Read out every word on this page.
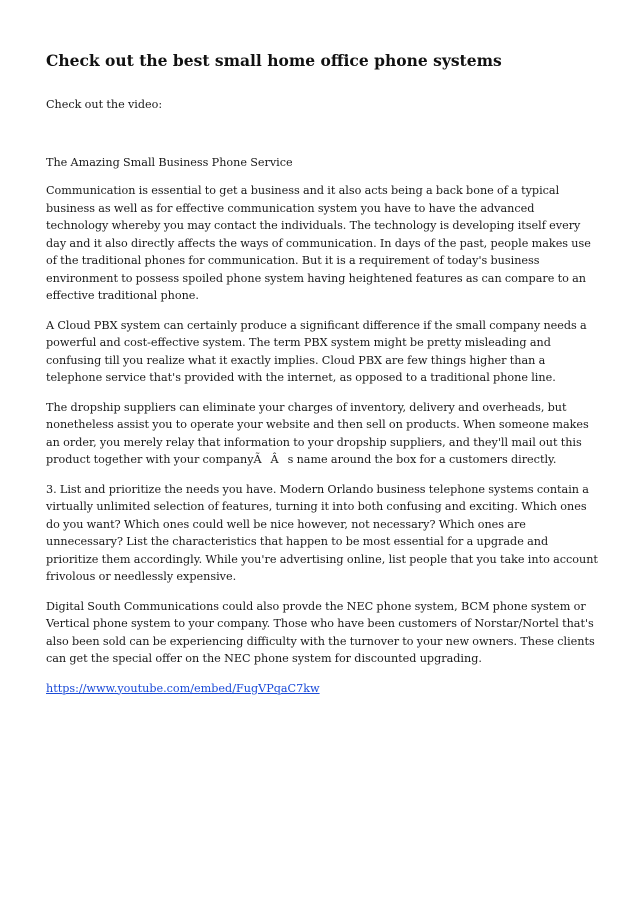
Check out the best small home office phone systems

Check out the video:

The Amazing Small Business Phone Service

Communication is essential to get a business and it also acts being a back bone of a typical business as well as for effective communication system you have to have the advanced technology whereby you may contact the individuals. The technology is developing itself every day and it also directly affects the ways of communication. In days of the past, people makes use of the traditional phones for communication. But it is a requirement of today's business environment to possess spoiled phone system having heightened features as can compare to an effective traditional phone.

A Cloud PBX system can certainly produce a significant difference if the small company needs a powerful and cost-effective system. The term PBX system might be pretty misleading and confusing till you realize what it exactly implies. Cloud PBX are few things higher than a telephone service that's provided with the internet, as opposed to a traditional phone line.

The dropship suppliers can eliminate your charges of inventory, delivery and overheads, but nonetheless assist you to operate your website and then sell on products. When someone makes an order, you merely relay that information to your dropship suppliers, and they'll mail out this product together with your companyÃÂs name around the box for a customers directly.

3. List and prioritize the needs you have. Modern Orlando business telephone systems contain a virtually unlimited selection of features, turning it into both confusing and exciting. Which ones do you want? Which ones could well be nice however, not necessary? Which ones are unnecessary? List the characteristics that happen to be most essential for a upgrade and prioritize them accordingly. While you're advertising online, list people that you take into account frivolous or needlessly expensive.

Digital South Communications could also provde the NEC phone system, BCM phone system or Vertical phone system to your company. Those who have been customers of Norstar/Nortel that's also been sold can be experiencing difficulty with the turnover to your new owners. These clients can get the special offer on the NEC phone system for discounted upgrading.

https://www.youtube.com/embed/FugVPqaC7kw
